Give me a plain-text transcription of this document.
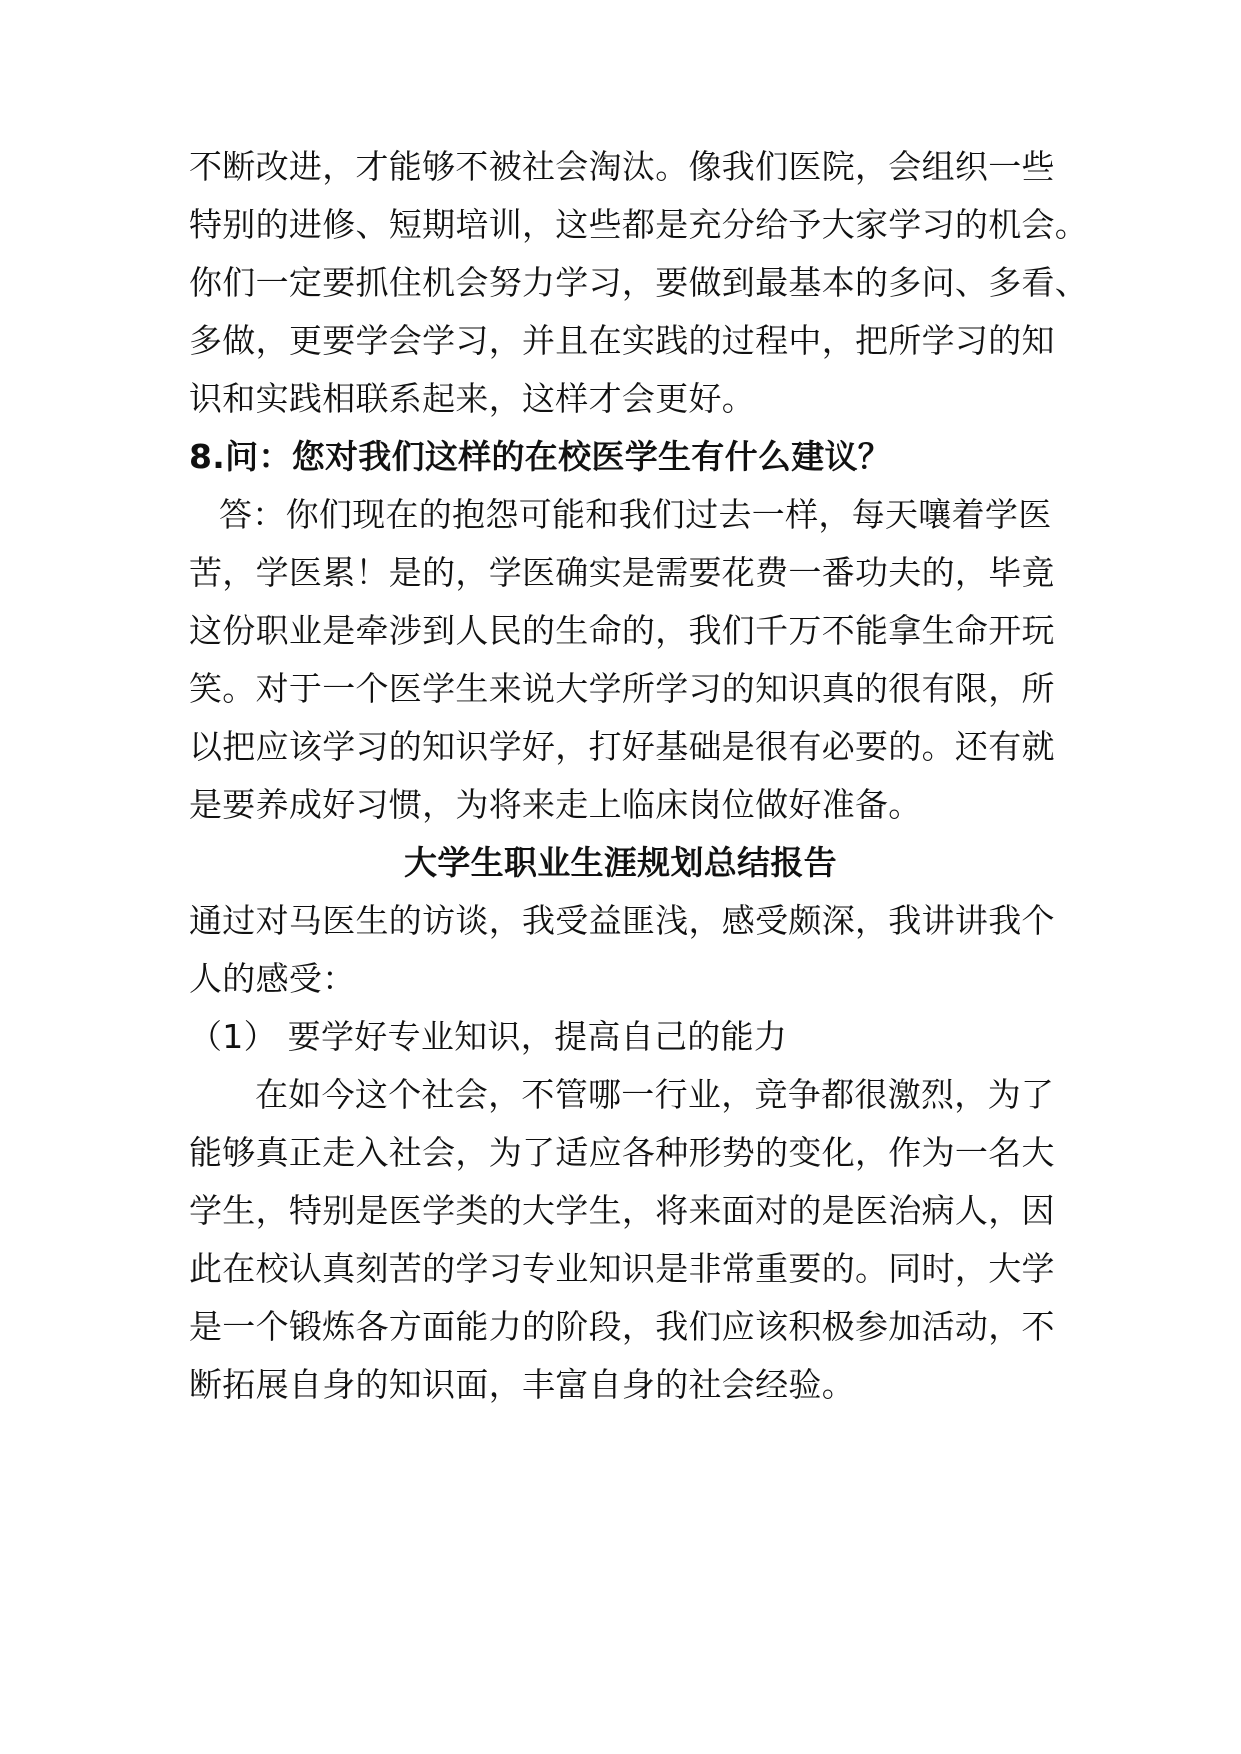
不断改进，才能够不被社会淘汰。像我们医院，会组织一些
特别的进修、短期培训，这些都是充分给予大家学习的机会。
你们一定要抓住机会努力学习，要做到最基本的多问、多看、
多做，更要学会学习，并且在实践的过程中，把所学习的知
识和实践相联系起来，这样才会更好。
8.问：您对我们这样的在校医学生有什么建议？
答：你们现在的抱怨可能和我们过去一样，每天嚷着学医
苦，学医累！是的，学医确实是需要花费一番功夫的，毕竟
这份职业是牵涉到人民的生命的，我们千万不能拿生命开玩
笑。对于一个医学生来说大学所学习的知识真的很有限，所
以把应该学习的知识学好，打好基础是很有必要的。还有就
是要养成好习惯，为将来走上临床岗位做好准备。
大学生职业生涯规划总结报告
通过对马医生的访谈，我受益匪浅，感受颇深，我讲讲我个
人的感受：
（1） 要学好专业知识，提高自己的能力
在如今这个社会，不管哪一行业，竞争都很激烈，为了
能够真正走入社会，为了适应各种形势的变化，作为一名大
学生，特别是医学类的大学生，将来面对的是医治病人，因
此在校认真刻苦的学习专业知识是非常重要的。同时，大学
是一个锻炼各方面能力的阶段，我们应该积极参加活动，不
断拓展自身的知识面，丰富自身的社会经验。
